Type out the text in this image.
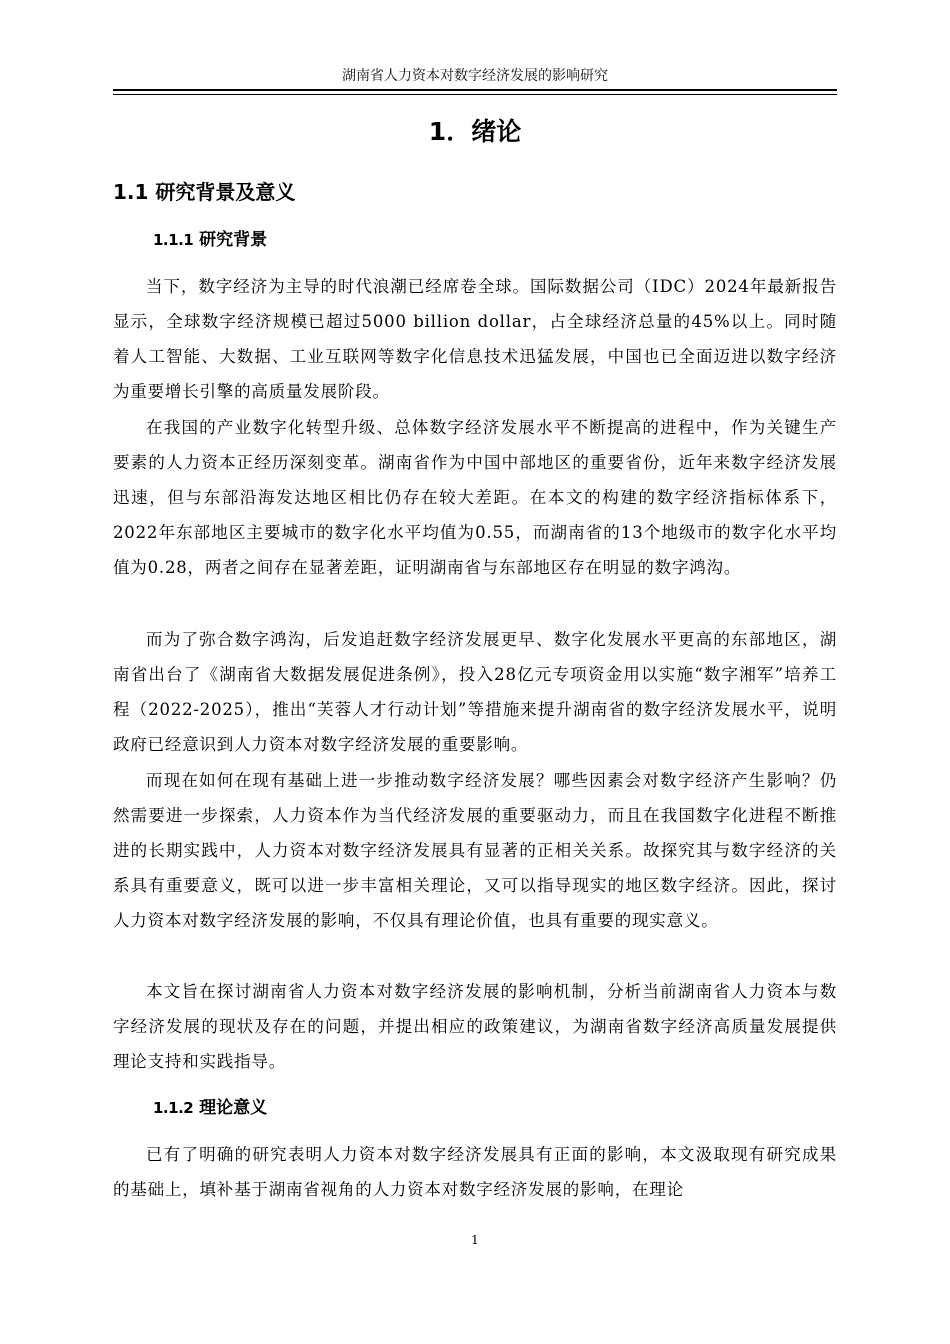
湖南省人力资本对数字经济发展的影响研究
1．绪论
1.1 研究背景及意义
1.1.1 研究背景

当下，数字经济为主导的时代浪潮已经席卷全球。国际数据公司（IDC）2024年最新报告显示，全球数字经济规模已超过5000 billion dollar，占全球经济总量的45%以上。同时随着人工智能、大数据、工业互联网等数字化信息技术迅猛发展，中国也已全面迈进以数字经济为重要增长引擎的高质量发展阶段。

在我国的产业数字化转型升级、总体数字经济发展水平不断提高的进程中，作为关键生产要素的人力资本正经历深刻变革。湖南省作为中国中部地区的重要省份，近年来数字经济发展迅速，但与东部沿海发达地区相比仍存在较大差距。在本文的构建的数字经济指标体系下，2022年东部地区主要城市的数字化水平均值为0.55，而湖南省的13个地级市的数字化水平均值为0.28，两者之间存在显著差距，证明湖南省与东部地区存在明显的数字鸿沟。

而为了弥合数字鸿沟，后发追赶数字经济发展更早、数字化发展水平更高的东部地区，湖南省出台了《湖南省大数据发展促进条例》，投入28亿元专项资金用以实施“数字湘军”培养工程（2022-2025），推出“芙蓉人才行动计划”等措施来提升湖南省的数字经济发展水平，说明政府已经意识到人力资本对数字经济发展的重要影响。

而现在如何在现有基础上进一步推动数字经济发展？哪些因素会对数字经济产生影响？仍然需要进一步探索，人力资本作为当代经济发展的重要驱动力，而且在我国数字化进程不断推进的长期实践中，人力资本对数字经济发展具有显著的正相关关系。故探究其与数字经济的关系具有重要意义，既可以进一步丰富相关理论，又可以指导现实的地区数字经济。因此，探讨人力资本对数字经济发展的影响，不仅具有理论价值，也具有重要的现实意义。

本文旨在探讨湖南省人力资本对数字经济发展的影响机制，分析当前湖南省人力资本与数字经济发展的现状及存在的问题，并提出相应的政策建议，为湖南省数字经济高质量发展提供理论支持和实践指导。

1.1.2 理论意义

已有了明确的研究表明人力资本对数字经济发展具有正面的影响，本文汲取现有研究成果的基础上，填补基于湖南省视角的人力资本对数字经济发展的影响，在理论

1
